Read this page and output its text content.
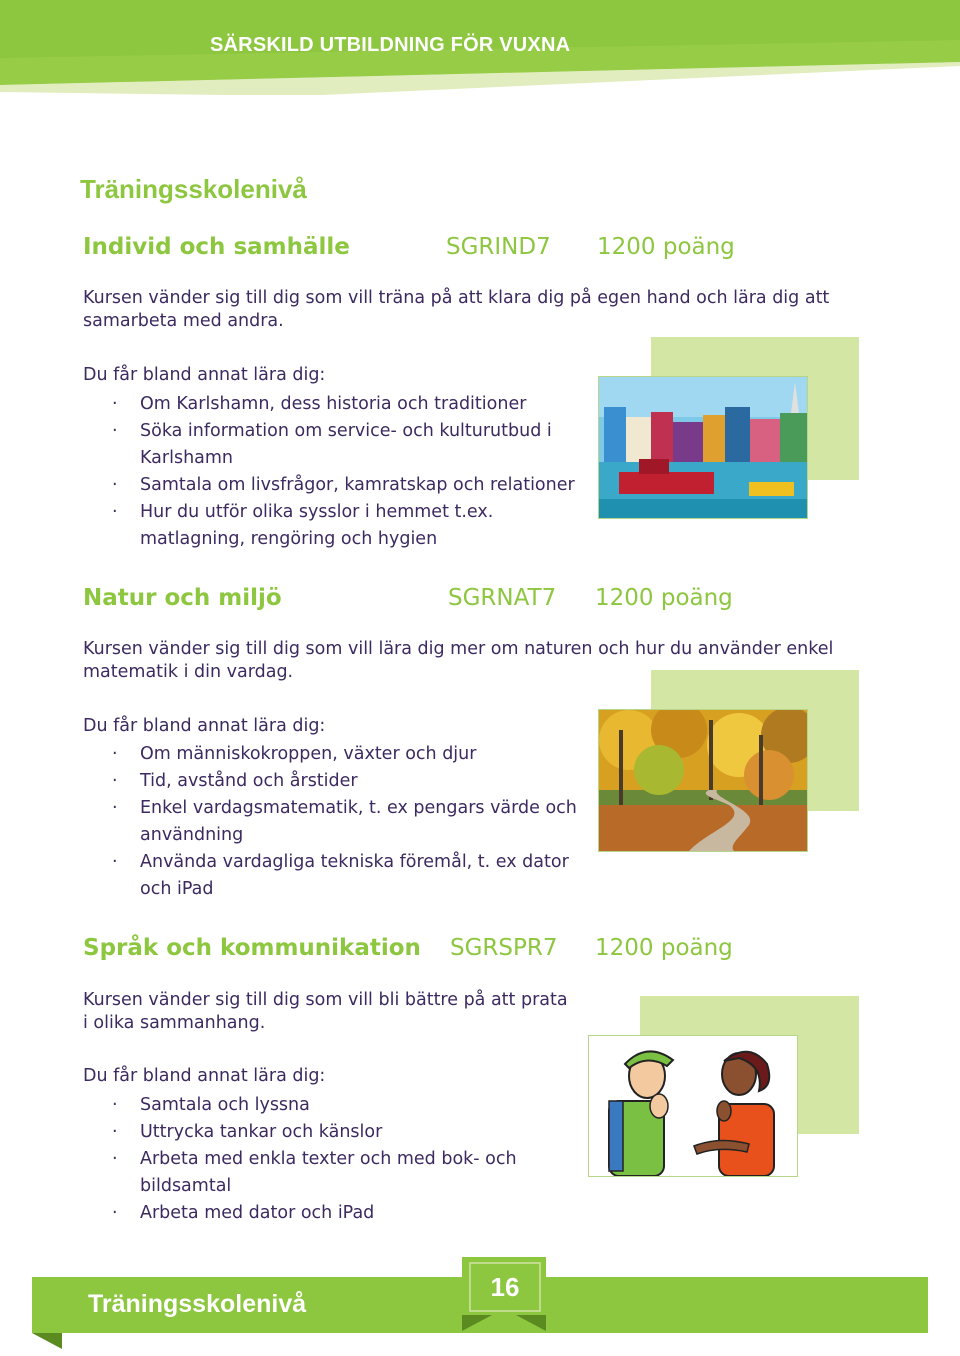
SÄRSKILD UTBILDNING FÖR VUXNA
Träningsskolenivå
Individ och samhälle	SGRIND7 1200 poäng
Kursen vänder sig till dig som vill träna på att klara dig på egen hand och lära dig att
samarbeta med andra.
Du får bland annat lära dig:
· Om Karlshamn, dess historia och traditioner
· Söka information om service- och kulturutbud i
Karlshamn
· Samtala om livsfrågor, kamratskap och relationer
· Hur du utför olika sysslor i hemmet t.ex.
matlagning, rengöring och hygien
Natur och miljö	SGRNAT7 1200 poäng
Kursen vänder sig till dig som vill lära dig mer om naturen och hur du använder enkel
matematik i din vardag.
Du får bland annat lära dig:
· Om människokroppen, växter och djur
· Tid, avstånd och årstider
· Enkel vardagsmatematik, t. ex pengars värde och
användning
· Använda vardagliga tekniska föremål, t. ex dator
och iPad
Språk och kommunikation SGRSPR7 1200 poäng
Kursen vänder sig till dig som vill bli bättre på att prata
i olika sammanhang.
Du får bland annat lära dig:
· Samtala och lyssna
· Uttrycka tankar och känslor
· Arbeta med enkla texter och med bok- och
bildsamtal
· Arbeta med dator och iPad
Träningsskolenivå
16
